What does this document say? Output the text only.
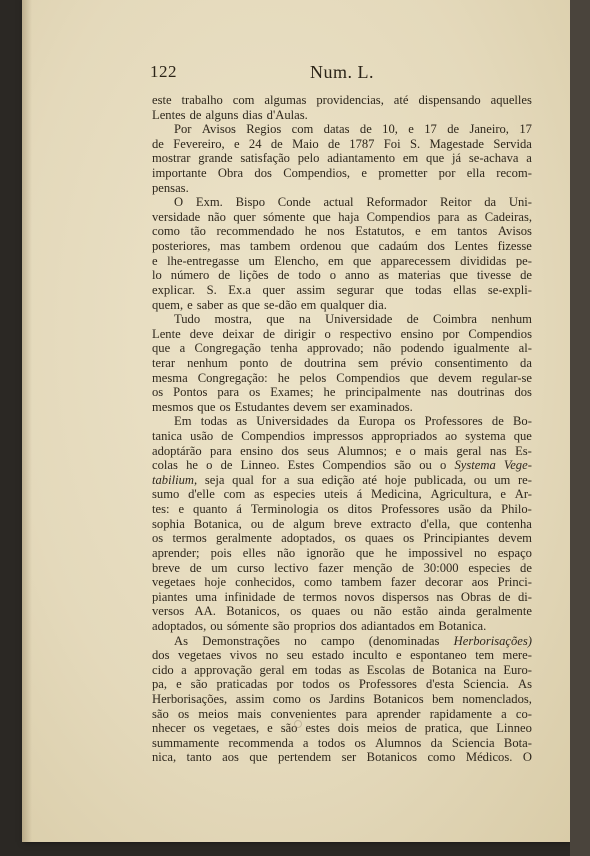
122	Num. L.
este trabalho com algumas providencias, até dispensando aquelles
Lentes de alguns dias d'Aulas.
Por Avisos Regios com datas de 10, e 17 de Janeiro, 17
de Fevereiro, e 24 de Maio de 1787 Foi S. Magestade Servida
mostrar grande satisfação pelo adiantamento em que já se-achava a
importante Obra dos Compendios, e prometter por ella recom-
pensas.
O Exm. Bispo Conde actual Reformador Reitor da Uni-
versidade não quer sómente que haja Compendios para as Cadeiras,
como tão recommendado he nos Estatutos, e em tantos Avisos
posteriores, mas tambem ordenou que cadaúm dos Lentes fizesse
e lhe-entregasse um Elencho, em que apparecessem divididas pe-
lo número de lições de todo o anno as materias que tivesse de
explicar. S. Ex.a quer assim segurar que todas ellas se-expli-
quem, e saber as que se-dão em qualquer dia.
Tudo mostra, que na Universidade de Coimbra nenhum
Lente deve deixar de dirigir o respectivo ensino por Compendios
que a Congregação tenha approvado; não podendo igualmente al-
terar nenhum ponto de doutrina sem prévio consentimento da
mesma Congregação: he pelos Compendios que devem regular-se
os Pontos para os Exames; he principalmente nas doutrinas dos
mesmos que os Estudantes devem ser examinados.
Em todas as Universidades da Europa os Professores de Bo-
tanica usão de Compendios impressos appropriados ao systema que
adoptárão para ensino dos seus Alumnos; e o mais geral nas Es-
colas he o de Linneo. Estes Compendios são ou o Systema Vege-
tabilium, seja qual for a sua edição até hoje publicada, ou um re-
sumo d'elle com as especies uteis á Medicina, Agricultura, e Ar-
tes: e quanto á Terminologia os ditos Professores usão da Philo-
sophia Botanica, ou de algum breve extracto d'ella, que contenha
os termos geralmente adoptados, os quaes os Principiantes devem
aprender; pois elles não ignorão que he impossivel no espaço
breve de um curso lectivo fazer menção de 30:000 especies de
vegetaes hoje conhecidos, como tambem fazer decorar aos Princi-
piantes uma infinidade de termos novos dispersos nas Obras de di-
versos AA. Botanicos, os quaes ou não estão ainda geralmente
adoptados, ou sómente são proprios dos adiantados em Botanica.
As Demonstrações no campo (denominadas Herborisações)
dos vegetaes vivos no seu estado inculto e espontaneo tem mere-
cido a approvação geral em todas as Escolas de Botanica na Euro-
pa, e são praticadas por todos os Professores d'esta Sciencia. As
Herborisações, assim como os Jardins Botanicos bem nomenclados,
são os meios mais convenientes para aprender rapidamente a co-
nhecer os vegetaes, e são estes dois meios de pratica, que Linneo
summamente recommenda a todos os Alumnos da Sciencia Bota-
nica, tanto aos que pertendem ser Botanicos como Médicos. O
